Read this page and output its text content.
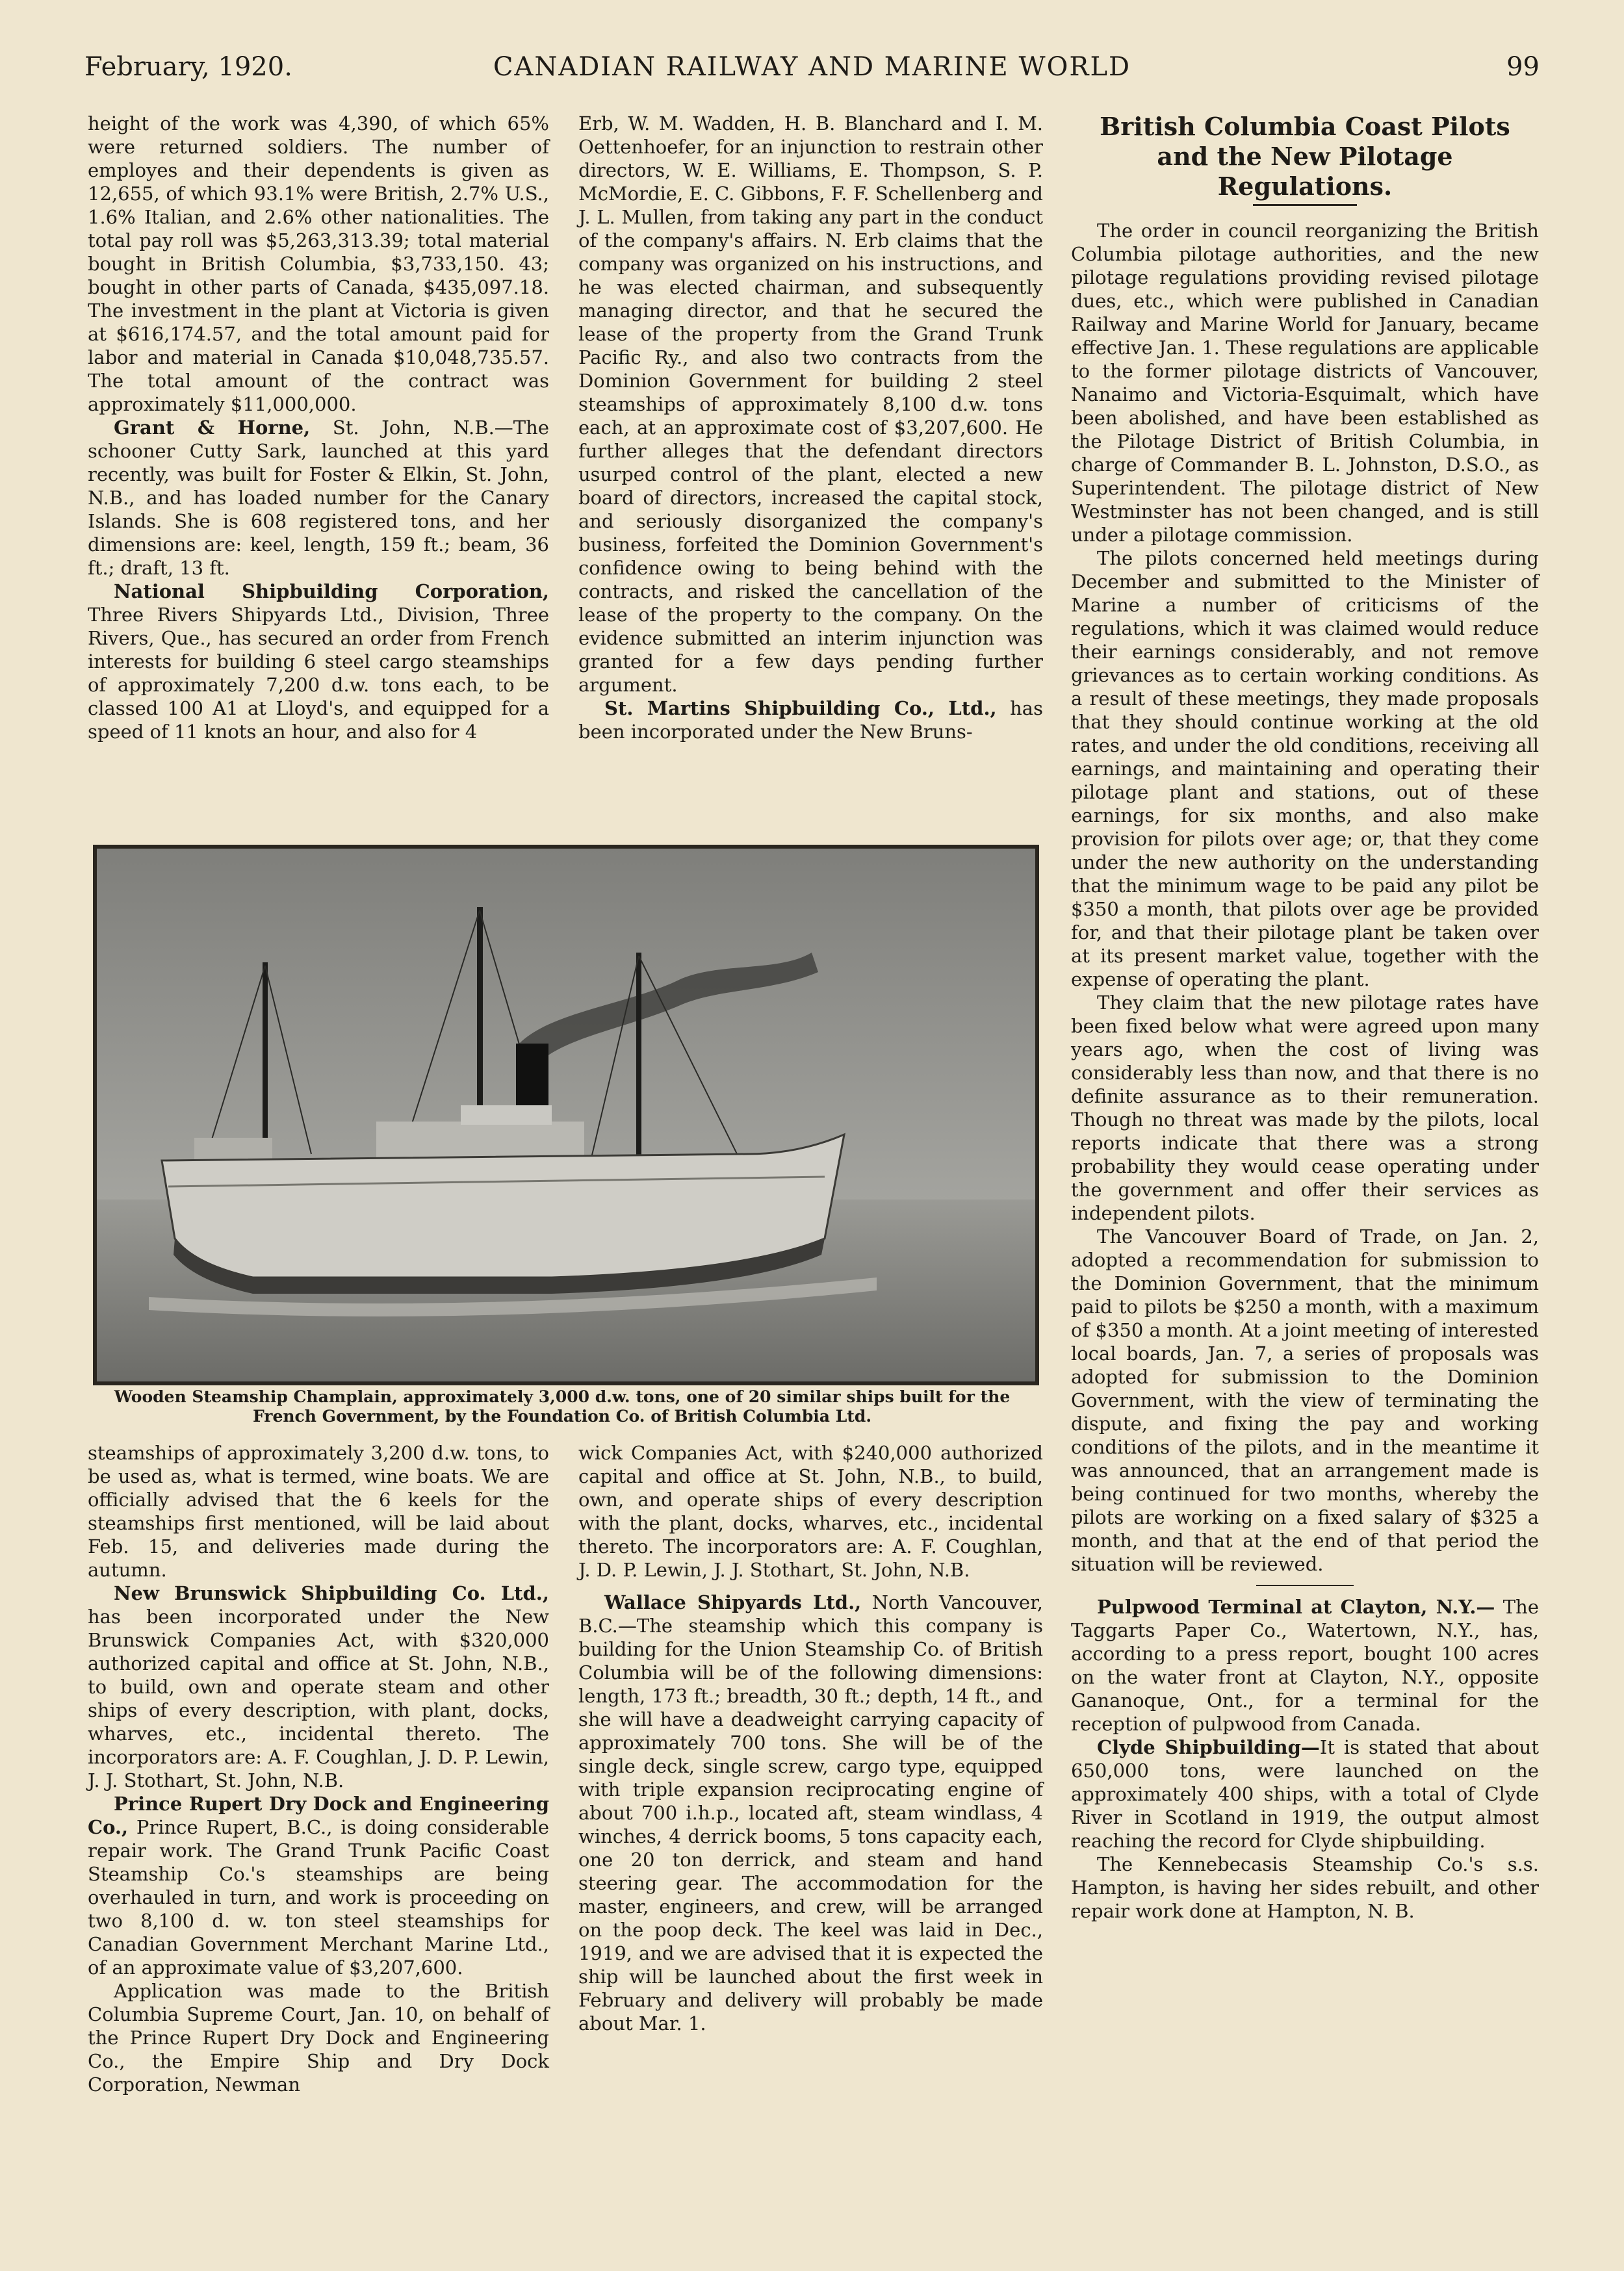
February, 1920.	CANADIAN RAILWAY AND MARINE WORLD	99

height of the work was 4,390, of which 65% were returned soldiers. The number of employes and their dependents is given as 12,655, of which 93.1% were British, 2.7% U.S., 1.6% Italian, and 2.6% other nationalities. The total pay roll was $5,263,313.39; total material bought in British Columbia, $3,733,150. 43; bought in other parts of Canada, $435,097.18. The investment in the plant at Victoria is given at $616,174.57, and the total amount paid for labor and material in Canada $10,048,735.57. The total amount of the contract was approximately $11,000,000.

Grant & Horne, St. John, N.B.—The schooner Cutty Sark, launched at this yard recently, was built for Foster & Elkin, St. John, N.B., and has loaded number for the Canary Islands. She is 608 registered tons, and her dimensions are: keel, length, 159 ft.; beam, 36 ft.; draft, 13 ft.

National Shipbuilding Corporation, Three Rivers Shipyards Ltd., Division, Three Rivers, Que., has secured an order from French interests for building 6 steel cargo steamships of approximately 7,200 d.w. tons each, to be classed 100 A1 at Lloyd's, and equipped for a speed of 11 knots an hour, and also for 4

Erb, W. M. Wadden, H. B. Blanchard and I. M. Oettenhoefer, for an injunction to restrain other directors, W. E. Williams, E. Thompson, S. P. McMordie, E. C. Gibbons, F. F. Schellenberg and J. L. Mullen, from taking any part in the conduct of the company's affairs. N. Erb claims that the company was organized on his instructions, and he was elected chairman, and subsequently managing director, and that he secured the lease of the property from the Grand Trunk Pacific Ry., and also two contracts from the Dominion Government for building 2 steel steamships of approximately 8,100 d.w. tons each, at an approximate cost of $3,207,600. He further alleges that the defendant directors usurped control of the plant, elected a new board of directors, increased the capital stock, and seriously disorganized the company's business, forfeited the Dominion Government's confidence owing to being behind with the contracts, and risked the cancellation of the lease of the property to the company. On the evidence submitted an interim injunction was granted for a few days pending further argument.

St. Martins Shipbuilding Co., Ltd., has been incorporated under the New Bruns-

British Columbia Coast Pilots and the New Pilotage Regulations.

The order in council reorganizing the British Columbia pilotage authorities, and the new pilotage regulations providing revised pilotage dues, etc., which were published in Canadian Railway and Marine World for January, became effective Jan. 1. These regulations are applicable to the former pilotage districts of Vancouver, Nanaimo and Victoria-Esquimalt, which have been abolished, and have been established as the Pilotage District of British Columbia, in charge of Commander B. L. Johnston, D.S.O., as Superintendent. The pilotage district of New Westminster has not been changed, and is still under a pilotage commission.

The pilots concerned held meetings during December and submitted to the Minister of Marine a number of criticisms of the regulations, which it was claimed would reduce their earnings considerably, and not remove grievances as to certain working conditions. As a result of these meetings, they made proposals that they should continue working at the old rates, and under the old conditions, receiving all earnings, and maintaining and operating their pilotage plant and stations, out of these earnings, for six months, and also make provision for pilots over age; or, that they come under the new authority on the understanding that the minimum wage to be paid any pilot be $350 a month, that pilots over age be provided for, and that their pilotage plant be taken over at its present market value, together with the expense of operating the plant.

They claim that the new pilotage rates have been fixed below what were agreed upon many years ago, when the cost of living was considerably less than now, and that there is no definite assurance as to their remuneration. Though no threat was made by the pilots, local reports indicate that there was a strong probability they would cease operating under the government and offer their services as independent pilots.

The Vancouver Board of Trade, on Jan. 2, adopted a recommendation for submission to the Dominion Government, that the minimum paid to pilots be $250 a month, with a maximum of $350 a month. At a joint meeting of interested local boards, Jan. 7, a series of proposals was adopted for submission to the Dominion Government, with the view of terminating the dispute, and fixing the pay and working conditions of the pilots, and in the meantime it was announced, that an arrangement made is being continued for two months, whereby the pilots are working on a fixed salary of $325 a month, and that at the end of that period the situation will be reviewed.

Pulpwood Terminal at Clayton, N.Y.— The Taggarts Paper Co., Watertown, N.Y., has, according to a press report, bought 100 acres on the water front at Clayton, N.Y., opposite Gananoque, Ont., for a terminal for the reception of pulpwood from Canada.

Clyde Shipbuilding—It is stated that about 650,000 tons, were launched on the approximately 400 ships, with a total of Clyde River in Scotland in 1919, the output almost reaching the record for Clyde shipbuilding.

The Kennebecasis Steamship Co.'s s.s. Hampton, is having her sides rebuilt, and other repair work done at Hampton, N. B.

Wooden Steamship Champlain, approximately 3,000 d.w. tons, one of 20 similar ships built for the French Government, by the Foundation Co. of British Columbia Ltd.

steamships of approximately 3,200 d.w. tons, to be used as, what is termed, wine boats. We are officially advised that the 6 keels for the steamships first mentioned, will be laid about Feb. 15, and deliveries made during the autumn.

New Brunswick Shipbuilding Co. Ltd., has been incorporated under the New Brunswick Companies Act, with $320,000 authorized capital and office at St. John, N.B., to build, own and operate steam and other ships of every description, with plant, docks, wharves, etc., incidental thereto. The incorporators are: A. F. Coughlan, J. D. P. Lewin, J. J. Stothart, St. John, N.B.

Prince Rupert Dry Dock and Engineering Co., Prince Rupert, B.C., is doing considerable repair work. The Grand Trunk Pacific Coast Steamship Co.'s steamships are being overhauled in turn, and work is proceeding on two 8,100 d. w. ton steel steamships for Canadian Government Merchant Marine Ltd., of an approximate value of $3,207,600.

Application was made to the British Columbia Supreme Court, Jan. 10, on behalf of the Prince Rupert Dry Dock and Engineering Co., the Empire Ship and Dry Dock Corporation, Newman

wick Companies Act, with $240,000 authorized capital and office at St. John, N.B., to build, own, and operate ships of every description with the plant, docks, wharves, etc., incidental thereto. The incorporators are: A. F. Coughlan, J. D. P. Lewin, J. J. Stothart, St. John, N.B.

Wallace Shipyards Ltd., North Vancouver, B.C.—The steamship which this company is building for the Union Steamship Co. of British Columbia will be of the following dimensions: length, 173 ft.; breadth, 30 ft.; depth, 14 ft., and she will have a deadweight carrying capacity of approximately 700 tons. She will be of the single deck, single screw, cargo type, equipped with triple expansion reciprocating engine of about 700 i.h.p., located aft, steam windlass, 4 winches, 4 derrick booms, 5 tons capacity each, one 20 ton derrick, and steam and hand steering gear. The accommodation for the master, engineers, and crew, will be arranged on the poop deck. The keel was laid in Dec., 1919, and we are advised that it is expected the ship will be launched about the first week in February and delivery will probably be made about Mar. 1.
